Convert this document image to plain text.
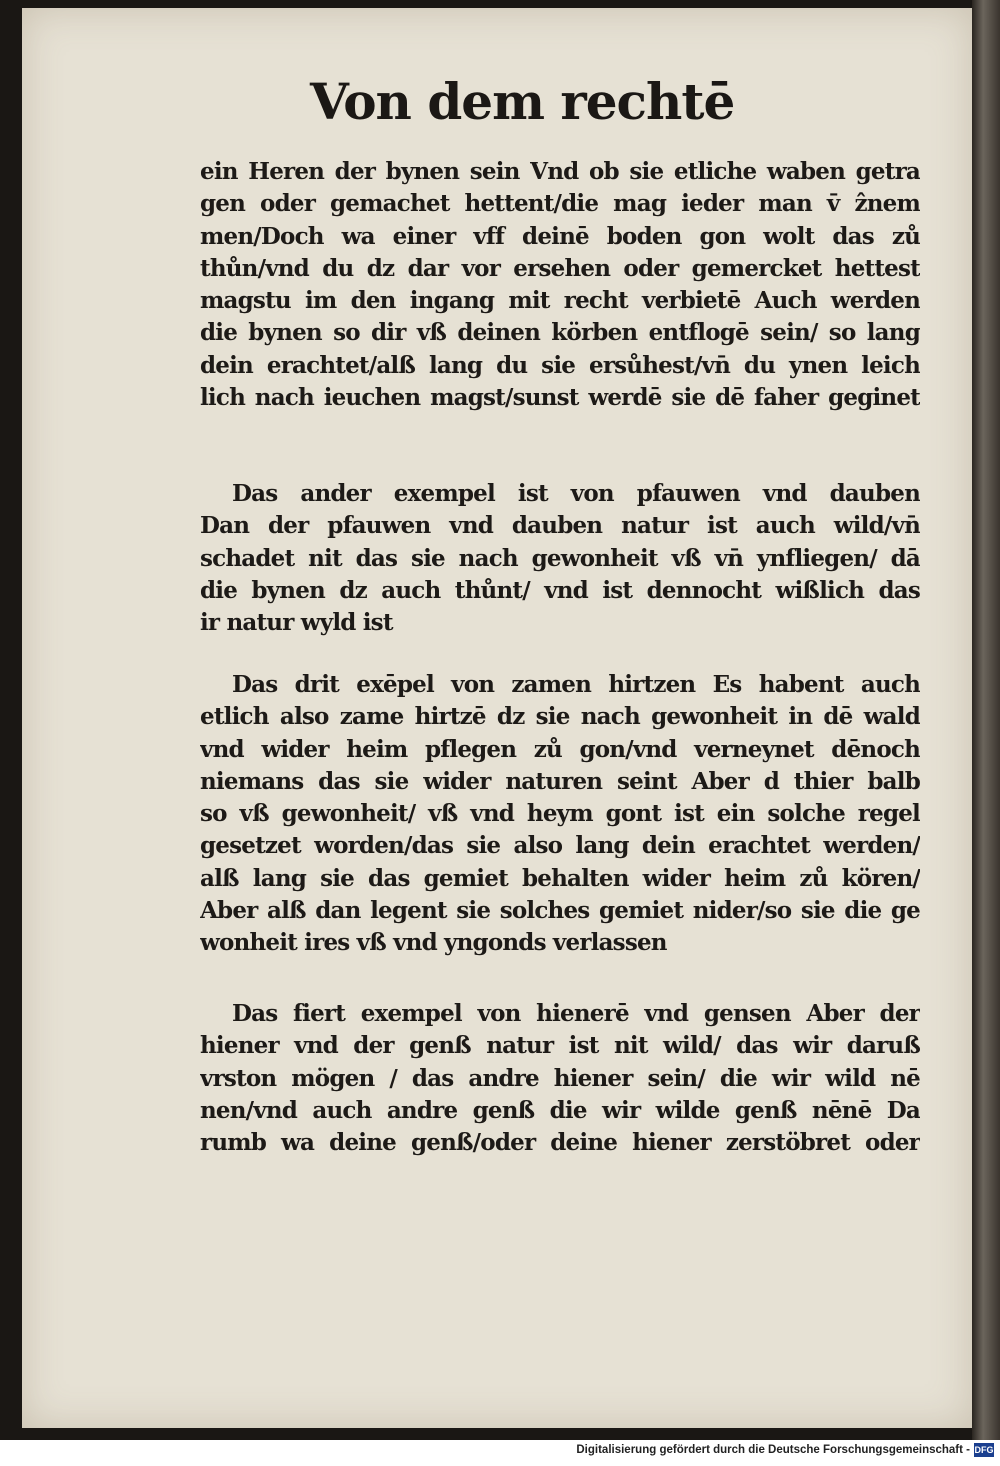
Von dem rechtē
ein Heren der bynen sein Vnd ob sie etliche waben getra
gen oder gemachet hettent/die mag ieder man v̄ ẑnem
men/Doch wa einer vff deinē boden gon wolt das zů
thůn/vnd du dz dar vor ersehen oder gemercket hettest
magstu im den ingang mit recht verbietē Auch werden
die bynen so dir vß deinen körben entflogē sein/ so lang
dein erachtet/alß lang du sie ersůhest/vn̄ du ynen leich
lich nach ieuchen magst/sunst werdē sie dē faher geginet
Das ander exempel ist von pfauwen vnd dauben
Dan der pfauwen vnd dauben natur ist auch wild/vn̄
schadet nit das sie nach gewonheit vß vn̄ ynfliegen/ dā
die bynen dz auch thůnt/ vnd ist dennocht wißlich das
ir natur wyld ist
Das drit exēpel von zamen hirtzen Es habent auch
etlich also zame hirtzē dz sie nach gewonheit in dē wald
vnd wider heim pflegen zů gon/vnd verneynet dēnoch
niemans das sie wider naturen seint Aber d thier balb
so vß gewonheit/ vß vnd heym gont ist ein solche regel
gesetzet worden/das sie also lang dein erachtet werden/
alß lang sie das gemiet behalten wider heim zů kören/
Aber alß dan legent sie solches gemiet nider/so sie die ge
wonheit ires vß vnd yngonds verlassen
Das fiert exempel von hienerē vnd gensen Aber der
hiener vnd der genß natur ist nit wild/ das wir daruß
vrston mögen / das andre hiener sein/ die wir wild nē
nen/vnd auch andre genß die wir wilde genß nēnē Da
rumb wa deine genß/oder deine hiener zerstöbret oder
Digitalisierung gefördert durch die Deutsche Forschungsgemeinschaft - DFG
